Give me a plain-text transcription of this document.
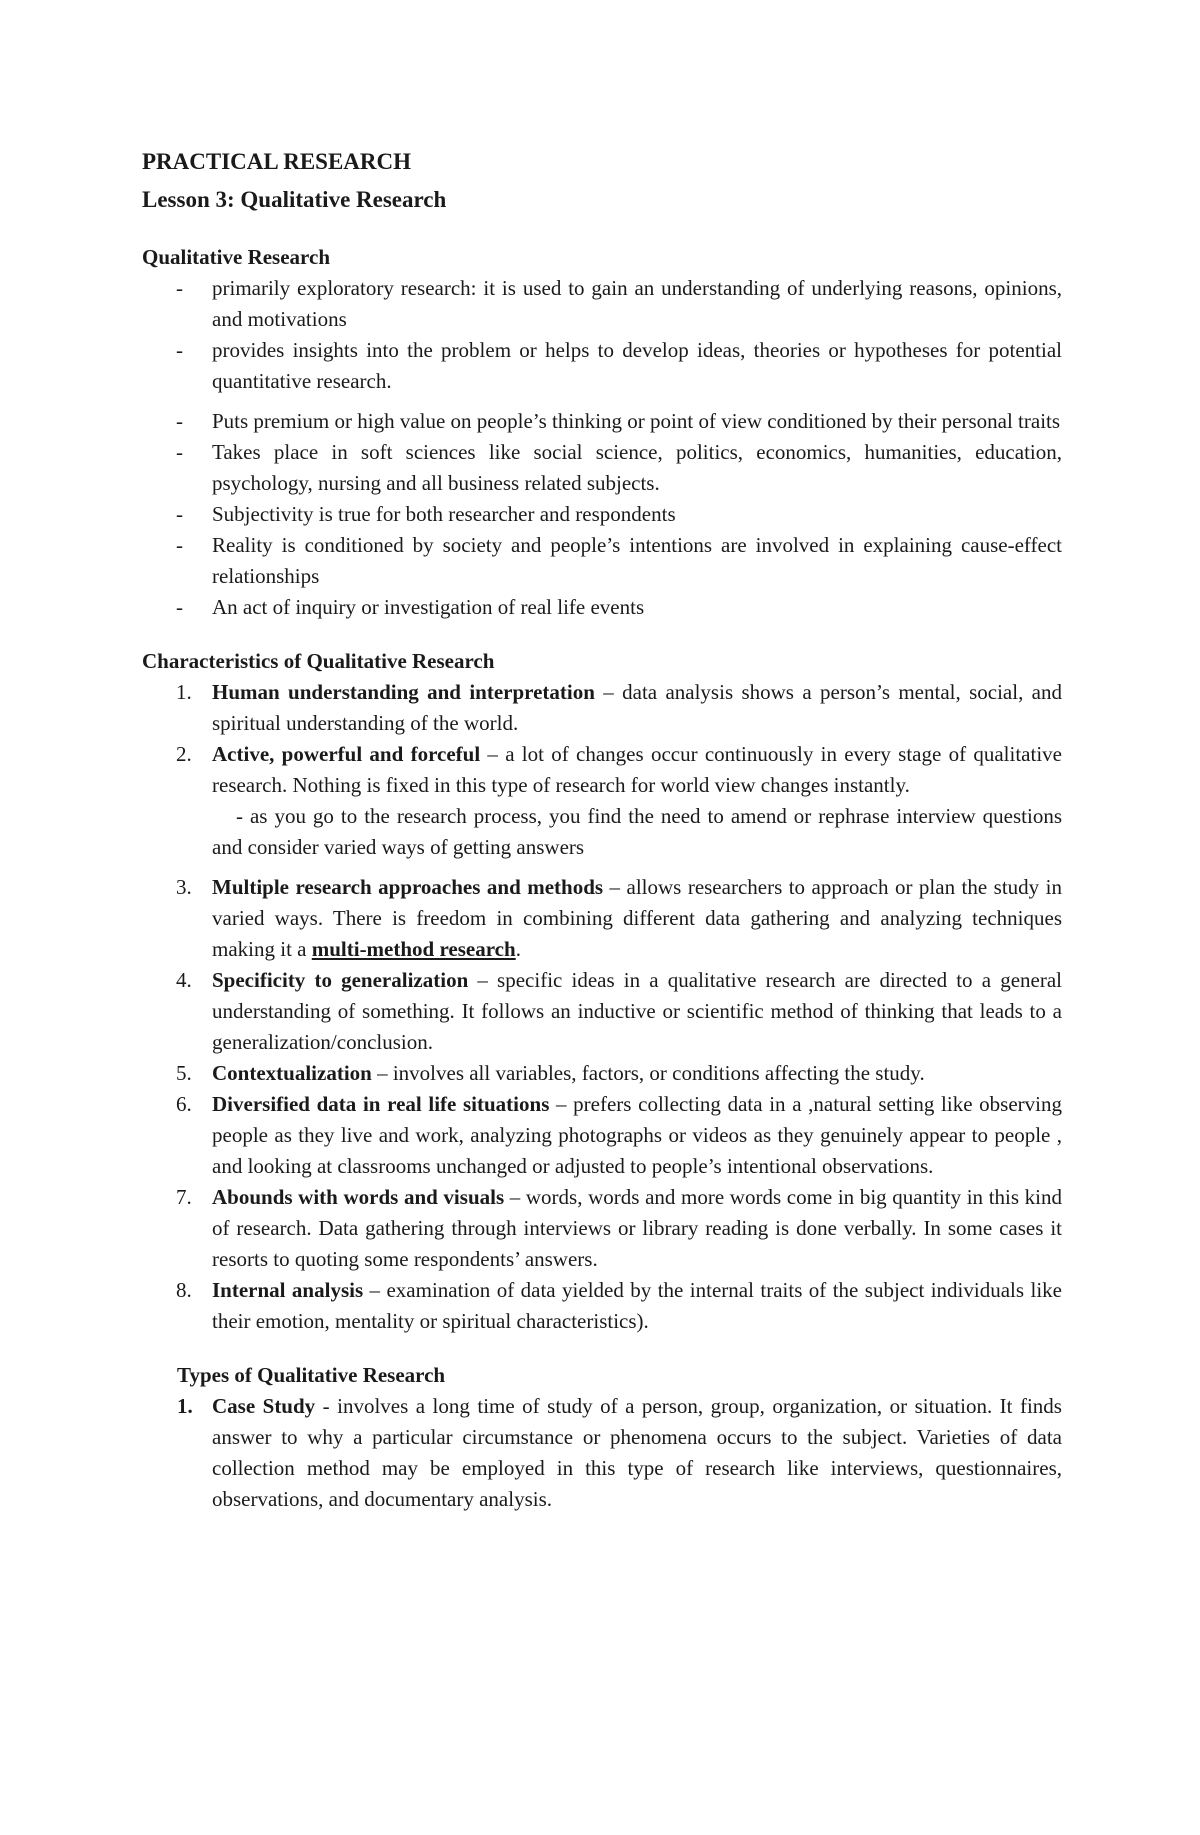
PRACTICAL RESEARCH
Lesson 3: Qualitative Research
Qualitative Research
- primarily exploratory research: it is used to gain an understanding of underlying reasons, opinions, and motivations
- provides insights into the problem or helps to develop ideas, theories or hypotheses for potential quantitative research.
- Puts premium or high value on people’s thinking or point of view conditioned by their personal traits
- Takes place in soft sciences like social science, politics, economics, humanities, education, psychology, nursing and all business related subjects.
- Subjectivity is true for both researcher and respondents
- Reality is conditioned by society and people’s intentions are involved in explaining cause-effect relationships
- An act of inquiry or investigation of real life events
Characteristics of Qualitative Research
1. Human understanding and interpretation – data analysis shows a person’s mental, social, and spiritual understanding of the world.
2. Active, powerful and forceful – a lot of changes occur continuously in every stage of qualitative research. Nothing is fixed in this type of research for world view changes instantly.
- as you go to the research process, you find the need to amend or rephrase interview questions and consider varied ways of getting answers
3. Multiple research approaches and methods – allows researchers to approach or plan the study in varied ways. There is freedom in combining different data gathering and analyzing techniques making it a multi-method research.
4. Specificity to generalization – specific ideas in a qualitative research are directed to a general understanding of something. It follows an inductive or scientific method of thinking that leads to a generalization/conclusion.
5. Contextualization – involves all variables, factors, or conditions affecting the study.
6. Diversified data in real life situations – prefers collecting data in a ,natural setting like observing people as they live and work, analyzing photographs or videos as they genuinely appear to people , and looking at classrooms unchanged or adjusted to people’s intentional observations.
7. Abounds with words and visuals – words, words and more words come in big quantity in this kind of research. Data gathering through interviews or library reading is done verbally. In some cases it resorts to quoting some respondents’ answers.
8. Internal analysis – examination of data yielded by the internal traits of the subject individuals like their emotion, mentality or spiritual characteristics).
Types of Qualitative Research
1. Case Study - involves a long time of study of a person, group, organization, or situation. It finds answer to why a particular circumstance or phenomena occurs to the subject. Varieties of data collection method may be employed in this type of research like interviews, questionnaires, observations, and documentary analysis.
